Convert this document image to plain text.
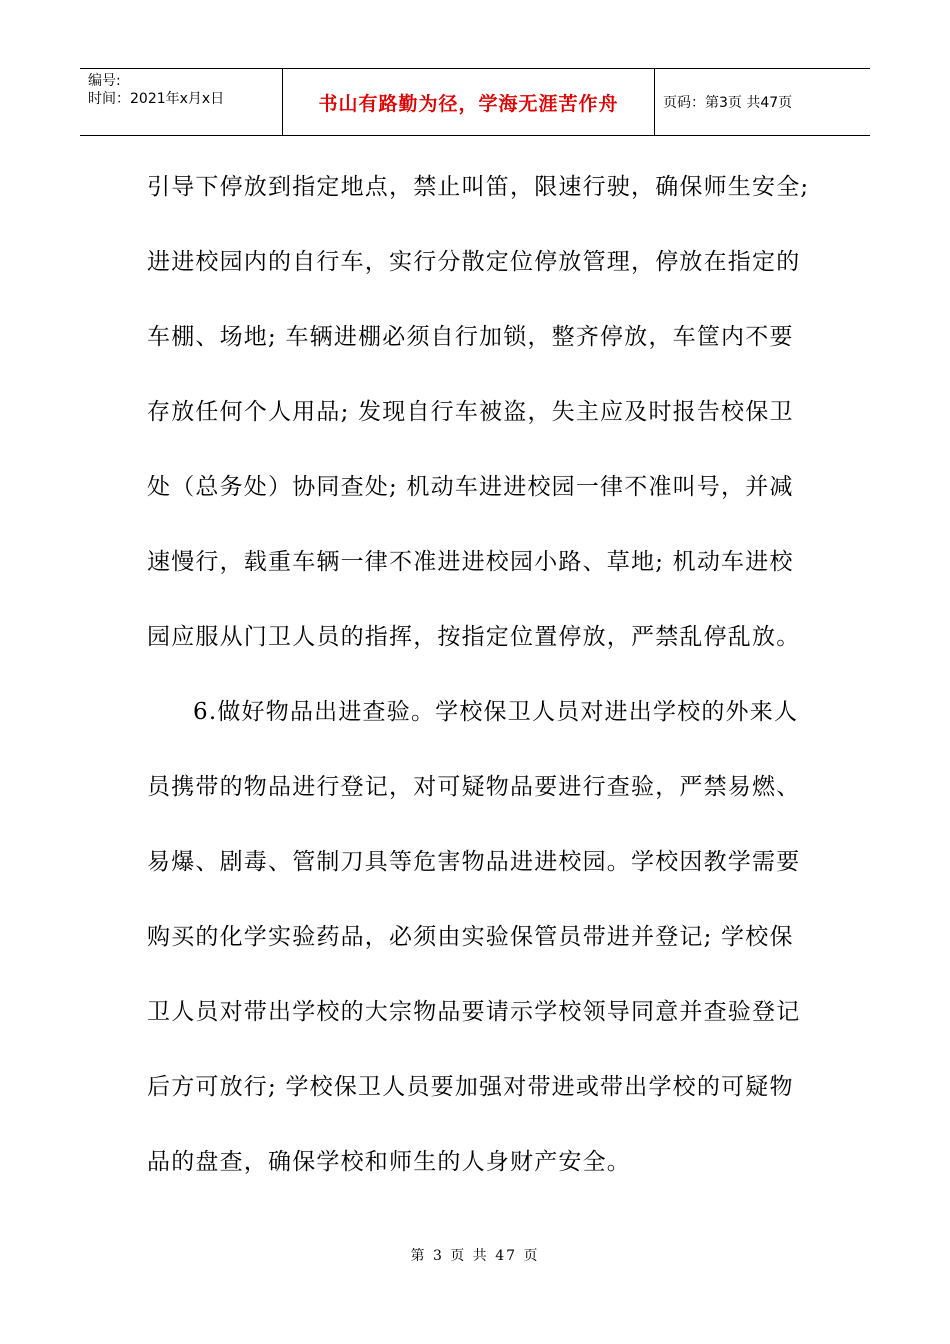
编号:
时间：2021年x月x日	书山有路勤为径，学海无涯苦作舟	页码：第3页 共47页
引导下停放到指定地点，禁止叫笛，限速行驶，确保师生安全;
进进校园内的自行车，实行分散定位停放管理，停放在指定的
车棚、场地; 车辆进棚必须自行加锁，整齐停放，车筐内不要
存放任何个人用品; 发现自行车被盗，失主应及时报告校保卫
处（总务处）协同查处; 机动车进进校园一律不准叫号，并减
速慢行，载重车辆一律不准进进校园小路、草地; 机动车进校
园应服从门卫人员的指挥，按指定位置停放，严禁乱停乱放。
6.做好物品出进查验。学校保卫人员对进出学校的外来人
员携带的物品进行登记，对可疑物品要进行查验，严禁易燃、
易爆、剧毒、管制刀具等危害物品进进校园。学校因教学需要
购买的化学实验药品，必须由实验保管员带进并登记; 学校保
卫人员对带出学校的大宗物品要请示学校领导同意并查验登记
后方可放行; 学校保卫人员要加强对带进或带出学校的可疑物
品的盘查，确保学校和师生的人身财产安全。
第 3 页 共 47 页
